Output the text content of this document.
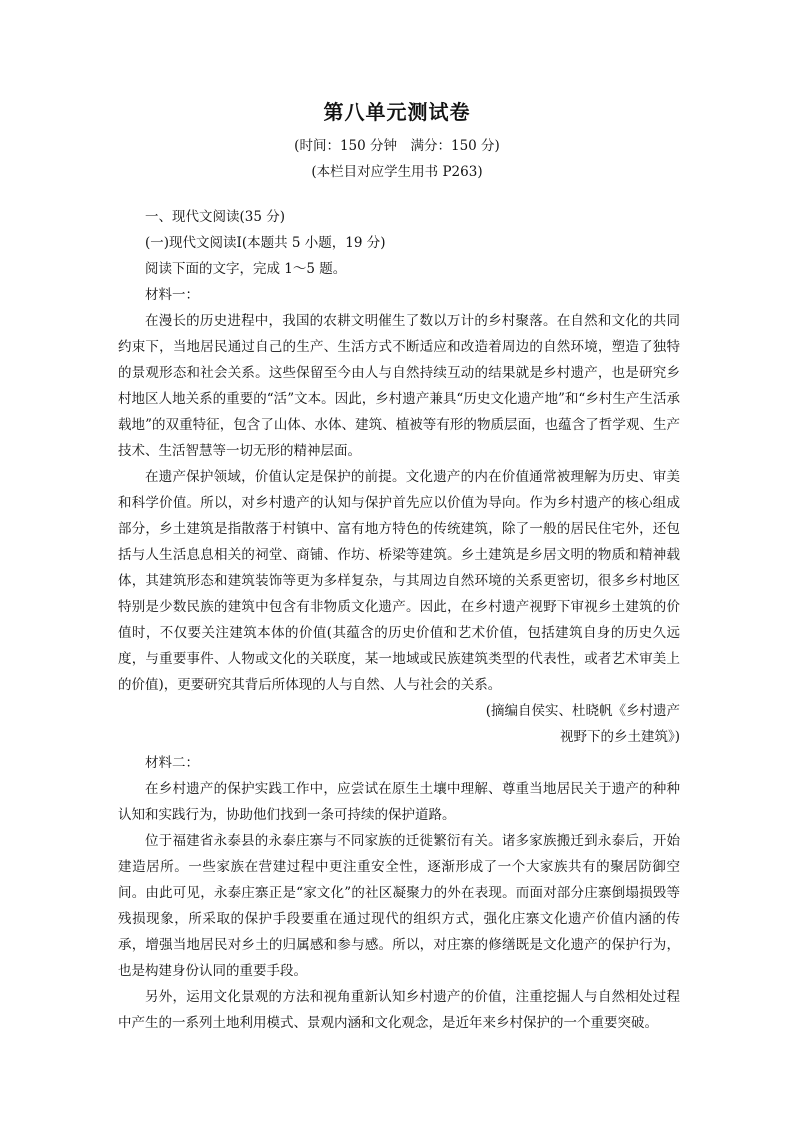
第八单元测试卷
(时间：150 分钟　满分：150 分)
(本栏目对应学生用书 P263)

一、现代文阅读(35 分)

(一)现代文阅读Ⅰ(本题共 5 小题，19 分)

阅读下面的文字，完成 1～5 题。

材料一：

在漫长的历史进程中，我国的农耕文明催生了数以万计的乡村聚落。在自然和文化的共同约束下，当地居民通过自己的生产、生活方式不断适应和改造着周边的自然环境，塑造了独特的景观形态和社会关系。这些保留至今由人与自然持续互动的结果就是乡村遗产，也是研究乡村地区人地关系的重要的“活”文本。因此，乡村遗产兼具“历史文化遗产地”和“乡村生产生活承载地”的双重特征，包含了山体、水体、建筑、植被等有形的物质层面，也蕴含了哲学观、生产技术、生活智慧等一切无形的精神层面。

在遗产保护领域，价值认定是保护的前提。文化遗产的内在价值通常被理解为历史、审美和科学价值。所以，对乡村遗产的认知与保护首先应以价值为导向。作为乡村遗产的核心组成部分，乡土建筑是指散落于村镇中、富有地方特色的传统建筑，除了一般的居民住宅外，还包括与人生活息息相关的祠堂、商铺、作坊、桥梁等建筑。乡土建筑是乡居文明的物质和精神载体，其建筑形态和建筑装饰等更为多样复杂，与其周边自然环境的关系更密切，很多乡村地区特别是少数民族的建筑中包含有非物质文化遗产。因此，在乡村遗产视野下审视乡土建筑的价值时，不仅要关注建筑本体的价值(其蕴含的历史价值和艺术价值，包括建筑自身的历史久远度，与重要事件、人物或文化的关联度，某一地域或民族建筑类型的代表性，或者艺术审美上的价值)，更要研究其背后所体现的人与自然、人与社会的关系。

(摘编自侯实、杜晓帆《乡村遗产

视野下的乡土建筑》)

材料二：

在乡村遗产的保护实践工作中，应尝试在原生土壤中理解、尊重当地居民关于遗产的种种认知和实践行为，协助他们找到一条可持续的保护道路。

位于福建省永泰县的永泰庄寨与不同家族的迁徙繁衍有关。诸多家族搬迁到永泰后，开始建造居所。一些家族在营建过程中更注重安全性，逐渐形成了一个大家族共有的聚居防御空间。由此可见，永泰庄寨正是“家文化”的社区凝聚力的外在表现。而面对部分庄寨倒塌损毁等残损现象，所采取的保护手段要重在通过现代的组织方式，强化庄寨文化遗产价值内涵的传承，增强当地居民对乡土的归属感和参与感。所以，对庄寨的修缮既是文化遗产的保护行为，也是构建身份认同的重要手段。

另外，运用文化景观的方法和视角重新认知乡村遗产的价值，注重挖掘人与自然相处过程中产生的一系列土地利用模式、景观内涵和文化观念，是近年来乡村保护的一个重要突破。
